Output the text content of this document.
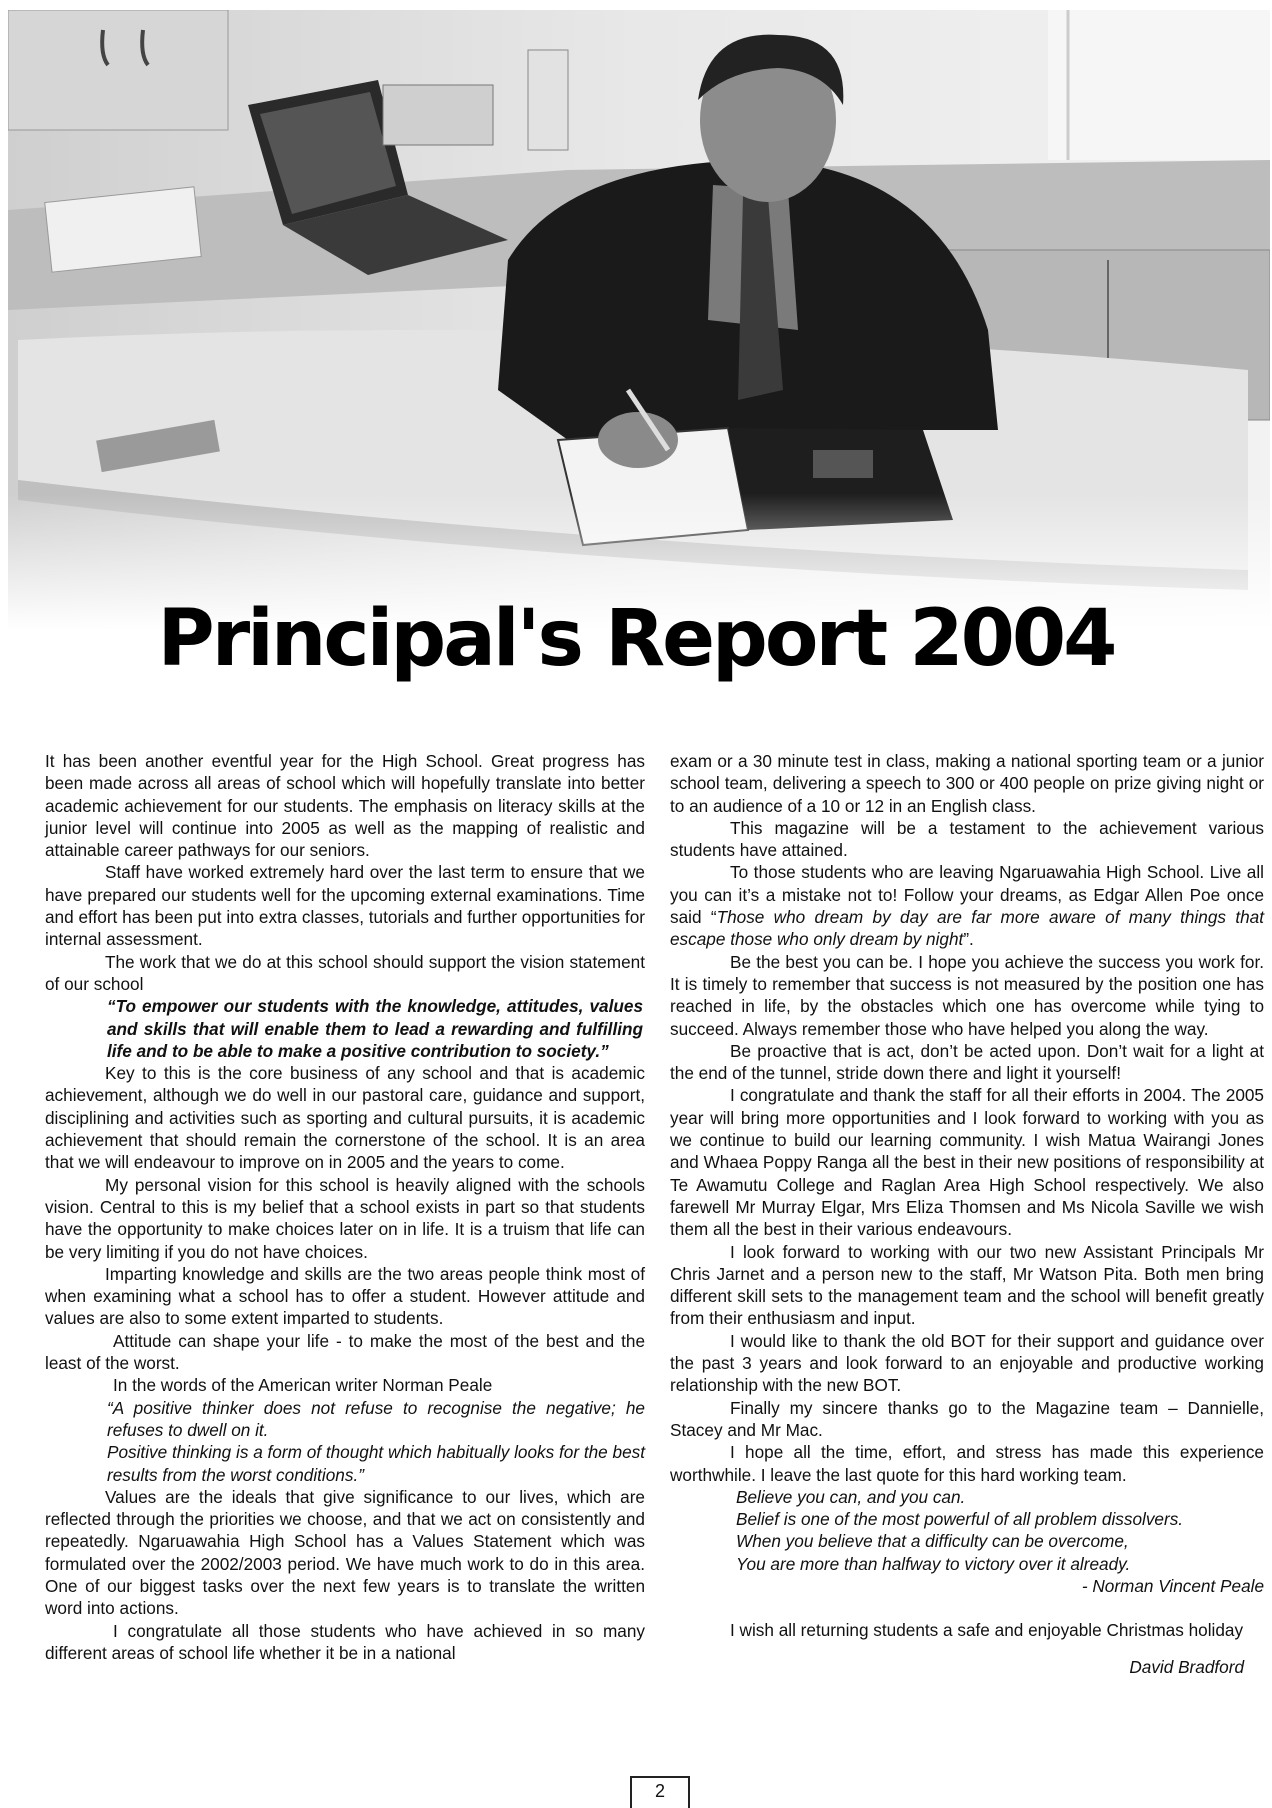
Principal's Report 2004

It has been another eventful year for the High School. Great progress has been made across all areas of school which will hopefully translate into better academic achievement for our students. The emphasis on literacy skills at the junior level will continue into 2005 as well as the mapping of realistic and attainable career pathways for our seniors.

Staff have worked extremely hard over the last term to ensure that we have prepared our students well for the upcoming external examinations. Time and effort has been put into extra classes, tutorials and further opportunities for internal assessment.

The work that we do at this school should support the vision statement of our school

“To empower our students with the knowledge, attitudes, values and skills that will enable them to lead a rewarding and fulfilling life and to be able to make a positive contribution to society.”

Key to this is the core business of any school and that is academic achievement, although we do well in our pastoral care, guidance and support, disciplining and activities such as sporting and cultural pursuits, it is academic achievement that should remain the cornerstone of the school. It is an area that we will endeavour to improve on in 2005 and the years to come.

My personal vision for this school is heavily aligned with the schools vision. Central to this is my belief that a school exists in part so that students have the opportunity to make choices later on in life. It is a truism that life can be very limiting if you do not have choices.

Imparting knowledge and skills are the two areas people think most of when examining what a school has to offer a student. However attitude and values are also to some extent imparted to students.

Attitude can shape your life - to make the most of the best and the least of the worst.

In the words of the American writer Norman Peale

“A positive thinker does not refuse to recognise the negative; he refuses to dwell on it.

Positive thinking is a form of thought which habitually looks for the best results from the worst conditions.”

Values are the ideals that give significance to our lives, which are reflected through the priorities we choose, and that we act on consistently and repeatedly. Ngaruawahia High School has a Values Statement which was formulated over the 2002/2003 period. We have much work to do in this area. One of our biggest tasks over the next few years is to translate the written word into actions.

I congratulate all those students who have achieved in so many different areas of school life whether it be in a national

exam or a 30 minute test in class, making a national sporting team or a junior school team, delivering a speech to 300 or 400 people on prize giving night or to an audience of a 10 or 12 in an English class.

This magazine will be a testament to the achievement various students have attained.

To those students who are leaving Ngaruawahia High School. Live all you can it’s a mistake not to! Follow your dreams, as Edgar Allen Poe once said “Those who dream by day are far more aware of many things that escape those who only dream by night”.

Be the best you can be. I hope you achieve the success you work for. It is timely to remember that success is not measured by the position one has reached in life, by the obstacles which one has overcome while tying to succeed. Always remember those who have helped you along the way.

Be proactive that is act, don’t be acted upon. Don’t wait for a light at the end of the tunnel, stride down there and light it yourself!

I congratulate and thank the staff for all their efforts in 2004. The 2005 year will bring more opportunities and I look forward to working with you as we continue to build our learning community. I wish Matua Wairangi Jones and Whaea Poppy Ranga all the best in their new positions of responsibility at Te Awamutu College and Raglan Area High School respectively. We also farewell Mr Murray Elgar, Mrs Eliza Thomsen and Ms Nicola Saville we wish them all the best in their various endeavours.

I look forward to working with our two new Assistant Principals Mr Chris Jarnet and a person new to the staff, Mr Watson Pita. Both men bring different skill sets to the management team and the school will benefit greatly from their enthusiasm and input.

I would like to thank the old BOT for their support and guidance over the past 3 years and look forward to an enjoyable and productive working relationship with the new BOT.

Finally my sincere thanks go to the Magazine team – Dannielle, Stacey and Mr Mac.

I hope all the time, effort, and stress has made this experience worthwhile. I leave the last quote for this hard working team.

Believe you can, and you can.

Belief is one of the most powerful of all problem dissolvers.

When you believe that a difficulty can be overcome,

You are more than halfway to victory over it already.

- Norman Vincent Peale

I wish all returning students a safe and enjoyable Christmas holiday

David Bradford

2
